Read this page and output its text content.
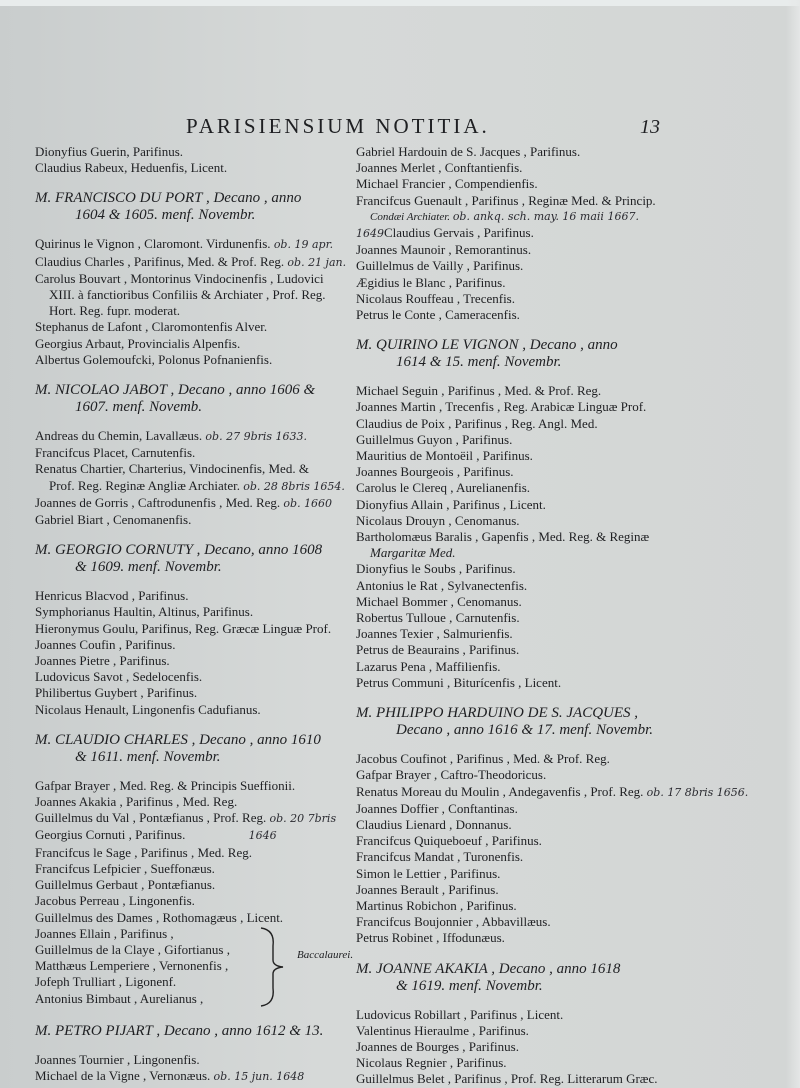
PARISIENSIUM NOTITIA.	13
Dionyfius Guerin, Parifinus.
Claudius Rabeux, Heduenfis, Licent.
M. FRANCISCO DU PORT , Decano , anno
1604 & 1605. menf. Novembr.
Quirinus le Vignon , Claromont. Virdunenfis. ob. 19 apr.
Claudius Charles , Parifinus, Med. & Prof. Reg. ob. 21 jan.
Carolus Bouvart , Montorinus Vindocinenfis , Ludovici
XIII. à fanctioribus Confiliis & Archiater , Prof. Reg.
Hort. Reg. fupr. moderat.
Stephanus de Lafont , Claromontenfis Alver.
Georgius Arbaut, Provincialis Alpenfis.
Albertus Golemoufcki, Polonus Pofnanienfis.
M. NICOLAO JABOT , Decano , anno 1606 &
1607. menf. Novemb.
Andreas du Chemin, Lavallæus. ob. 27 9bris 1633.
Francifcus Placet, Carnutenfis.
Renatus Chartier, Charterius, Vindocinenfis, Med. &
Prof. Reg. Reginæ Angliæ Archiater. ob. 28 8bris 1654.
Joannes de Gorris , Caftrodunenfis , Med. Reg. ob. 1660
Gabriel Biart , Cenomanenfis.
M. GEORGIO CORNUTY , Decano, anno 1608
& 1609. menf. Novembr.
Henricus Blacvod , Parifinus.
Symphorianus Haultin, Altinus, Parifinus.
Hieronymus Goulu, Parifinus, Reg. Græcæ Linguæ Prof.
Joannes Coufin , Parifinus.
Joannes Pietre , Parifinus.
Ludovicus Savot , Sedelocenfis.
Philibertus Guybert , Parifinus.
Nicolaus Henault, Lingonenfis Cadufianus.
M. CLAUDIO CHARLES , Decano , anno 1610
& 1611. menf. Novembr.
Gafpar Brayer , Med. Reg. & Principis Sueffionii.
Joannes Akakia , Parifinus , Med. Reg.
Guillelmus du Val , Pontæfianus , Prof. Reg. ob. 20 7bris
Georgius Cornuti , Parifinus.	1646
Francifcus le Sage , Parifinus , Med. Reg.
Francifcus Lefpicier , Sueffonæus.
Guillelmus Gerbaut , Pontæfianus.
Jacobus Perreau , Lingonenfis.
Guillelmus des Dames , Rothomagæus , Licent.
Joannes Ellain , Parifinus ,
Guillelmus de la Claye , Gifortianus ,
Matthæus Lemperiere , Vernonenfis ,
Jofeph Trulliart , Ligonenf.
Antonius Bimbaut , Aurelianus ,
Baccalaurei.
M. PETRO PIJART , Decano , anno 1612 & 13.
Joannes Tournier , Lingonenfis.
Michael de la Vigne , Vernonæus. ob. 15 jun. 1648
Gabriel Hardouin de S. Jacques , Parifinus.
Joannes Merlet , Conftantienfis.
Michael Francier , Compendienfis.
Francifcus Guenault , Parifinus , Reginæ Med. & Princip.
Condæi Archiater. ob. ankq. sch. may. 16 maii 1667.
1649Claudius Gervais , Parifinus.
Joannes Maunoir , Remorantinus.
Guillelmus de Vailly , Parifinus.
Ægidius le Blanc , Parifinus.
Nicolaus Rouffeau , Trecenfis.
Petrus le Conte , Cameracenfis.
M. QUIRINO LE VIGNON , Decano , anno
1614 & 15. menf. Novembr.
Michael Seguin , Parifinus , Med. & Prof. Reg.
Joannes Martin , Trecenfis , Reg. Arabicæ Linguæ Prof.
Claudius de Poix , Parifinus , Reg. Angl. Med.
Guillelmus Guyon , Parifinus.
Mauritius de Montoëil , Parifinus.
Joannes Bourgeois , Parifinus.
Carolus le Clereq , Aurelianenfis.
Dionyfius Allain , Parifinus , Licent.
Nicolaus Drouyn , Cenomanus.
Bartholomæus Baralis , Gapenfis , Med. Reg. & Reginæ
Margaritæ Med.
Dionyfius le Soubs , Parifinus.
Antonius le Rat , Sylvanectenfis.
Michael Bommer , Cenomanus.
Robertus Tulloue , Carnutenfis.
Joannes Texier , Salmurienfis.
Petrus de Beaurains , Parifinus.
Lazarus Pena , Maffilienfis.
Petrus Communi , Biturícenfis , Licent.
M. PHILIPPO HARDUINO DE S. JACQUES ,
Decano , anno 1616 & 17. menf. Novembr.
Jacobus Coufinot , Parifinus , Med. & Prof. Reg.
Gafpar Brayer , Caftro-Theodoricus.
Renatus Moreau du Moulin , Andegavenfis , Prof. Reg. ob. 17 8bris 1656.
Joannes Doffier , Conftantinas.
Claudius Lienard , Donnanus.
Francifcus Quiqueboeuf , Parifinus.
Francifcus Mandat , Turonenfis.
Simon le Lettier , Parifinus.
Joannes Berault , Parifinus.
Martinus Robichon , Parifinus.
Francifcus Boujonnier , Abbavillæus.
Petrus Robinet , Iffodunæus.
M. JOANNE AKAKIA , Decano , anno 1618
& 1619. menf. Novembr.
Ludovicus Robillart , Parifinus , Licent.
Valentinus Hieraulme , Parifinus.
Joannes de Bourges , Parifinus.
Nicolaus Regnier , Parifinus.
Guillelmus Belet , Parifinus , Prof. Reg. Litterarum Græc.
